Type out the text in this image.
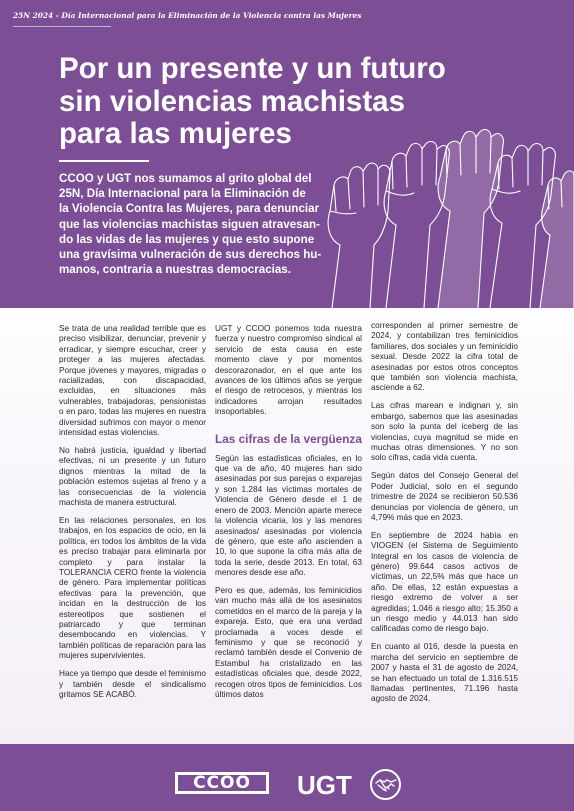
25N 2024 - Día Internacional para la Eliminación de la Violencia contra las Mujeres
Por un presente y un futuro
sin violencias machistas
para las mujeres
CCOO y UGT nos sumamos al grito global del
25N, Día Internacional para la Eliminación de
la Violencia Contra las Mujeres, para denunciar
que las violencias machistas siguen atravesan-
do las vidas de las mujeres y que esto supone
una gravísima vulneración de sus derechos hu-
manos, contraria a nuestras democracias.

Se trata de una realidad terrible que es preciso visibilizar, denunciar, prevenir y erradicar, y siempre escuchar, creer y proteger a las mujeres afectadas. Porque jóvenes y mayores, migradas o racializadas, con discapacidad, excluidas, en situaciones más vulnerables, trabajadoras, pensionistas o en paro, todas las mujeres en nuestra diversidad sufrimos con mayor o menor intensidad estas violencias.

No habrá justicia, igualdad y libertad efectivas, ni un presente y un futuro dignos mientras la mitad de la población estemos sujetas al freno y a las consecuencias de la violencia machista de manera estructural.

En las relaciones personales, en los trabajos, en los espacios de ocio, en la política, en todos los ámbitos de la vida es preciso trabajar para eliminarla por completo y para instalar la TOLERANCIA CERO frente la violencia de género. Para implementar políticas efectivas para la prevención, que incidan en la destrucción de los estereotipos que sostienen el patriarcado y que terminan desembocando en violencias. Y también políticas de reparación para las mujeres supervivientes.

Hace ya tiempo que desde el feminismo y también desde el sindicalismo gritamos SE ACABÓ.

UGT y CCOO ponemos toda nuestra fuerza y nuestro compromiso sindical al servicio de esta causa en este momento clave y por momentos descorazonador, en el que ante los avances de los últimos años se yergue el riesgo de retrocesos, y mientras los indicadores arrojan resultados insoportables.

Las cifras de la vergüenza

Según las estadísticas oficiales, en lo que va de año, 40 mujeres han sido asesinadas por sus parejas o exparejas y son 1.284 las víctimas mortales de Violencia de Género desde el 1 de enero de 2003. Mención aparte merece la violencia vicaria, los y las menores asesinados/ asesinadas por violencia de género, que este año ascienden a 10, lo que supone la cifra más alta de toda la serie, desde 2013. En total, 63 menores desde ese año.

Pero es que, además, los feminicidios van mucho más allá de los asesinatos cometidos en el marco de la pareja y la expareja. Esto, que era una verdad proclamada a voces desde el feminismo y que se reconoció y reclamó también desde el Convenio de Estambul ha cristalizado en las estadísticas oficiales que, desde 2022, recogen otros tipos de feminicidios. Los últimos datos

corresponden al primer semestre de 2024, y contabilizan tres feminicidios familiares, dos sociales y un feminicidio sexual. Desde 2022 la cifra total de asesinadas por estos otros conceptos que también son violencia machista, asciende a 62.

Las cifras marean e indignan y, sin embargo, sabemos que las asesinadas son solo la punta del iceberg de las violencias, cuya magnitud se mide en muchas otras dimensiones. Y no son solo cifras, cada vida cuenta.

Según datos del Consejo General del Poder Judicial, solo en el segundo trimestre de 2024 se recibieron 50.536 denuncias por violencia de género, un 4,79% más que en 2023.

En septiembre de 2024 había en VIOGEN (el Sistema de Seguimiento Integral en los casos de violencia de género) 99.644 casos activos de víctimas, un 22,5% más que hace un año. De ellas, 12 están expuestas a riesgo extremo de volver a ser agredidas; 1.046 a riesgo alto; 15.350 a un riesgo medio y 44.013 han sido calificadas como de riesgo bajo.

En cuanto al 016, desde la puesta en marcha del servicio en septiembre de 2007 y hasta el 31 de agosto de 2024, se han efectuado un total de 1.316.515 llamadas pertinentes, 71.196 hasta agosto de 2024.

CCOO UGT
